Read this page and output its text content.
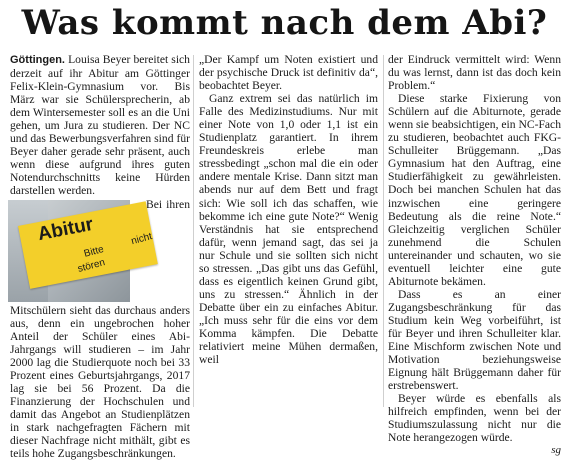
Was kommt nach dem Abi?

Göttingen. Louisa Beyer bereitet sich derzeit auf ihr Abitur am Göttinger Felix-Klein-Gymnasium vor. Bis März war sie Schülersprecherin, ab dem Wintersemester soll es an die Uni gehen, um Jura zu studieren. Der NC und das Bewerbungsverfahren sind für Beyer daher gerade sehr präsent, auch wenn diese aufgrund ihres guten Notendurchschnitts keine Hürden darstellen werden.

Abitur
Bitte nicht stören
Bei ihren Mitschülern sieht das durchaus anders aus, denn ein ungebrochen hoher Anteil der Schüler eines Abi-Jahrgangs will studieren – im Jahr 2000 lag die Studierquote noch bei 33 Prozent eines Geburtsjahrgangs, 2017 lag sie bei 56 Prozent. Da die Finanzierung der Hochschulen und damit das Angebot an Studienplätzen in stark nachgefragten Fächern mit dieser Nachfrage nicht mithält, gibt es teils hohe Zugangsbeschränkungen.

„Der Kampf um Noten existiert und der psychische Druck ist definitiv da“, beobachtet Beyer.

Ganz extrem sei das natürlich im Falle des Medizinstudiums. Nur mit einer Note von 1,0 oder 1,1 ist ein Studienplatz garantiert. In ihrem Freundeskreis erlebe man stressbedingt „schon mal die ein oder andere mentale Krise. Dann sitzt man abends nur auf dem Bett und fragt sich: Wie soll ich das schaffen, wie bekomme ich eine gute Note?“ Wenig Verständnis hat sie entsprechend dafür, wenn jemand sagt, das sei ja nur Schule und sie sollten sich nicht so stressen. „Das gibt uns das Gefühl, dass es eigentlich keinen Grund gibt, uns zu stressen.“ Ähnlich in der Debatte über ein zu einfaches Abitur. „Ich muss sehr für die eins vor dem Komma kämpfen. Die Debatte relativiert meine Mühen dermaßen, weil

der Eindruck vermittelt wird: Wenn du was lernst, dann ist das doch kein Problem.“

Diese starke Fixierung von Schülern auf die Abiturnote, gerade wenn sie beabsichtigen, ein NC-Fach zu studieren, beobachtet auch FKG-Schulleiter Brüggemann. „Das Gymnasium hat den Auftrag, eine Studierfähigkeit zu gewährleisten. Doch bei manchen Schulen hat das inzwischen eine geringere Bedeutung als die reine Note.“ Gleichzeitig verglichen Schüler zunehmend die Schulen untereinander und schauten, wo sie eventuell leichter eine gute Abiturnote bekämen.

Dass es an einer Zugangsbeschränkung für das Studium kein Weg vorbeiführt, ist für Beyer und ihren Schulleiter klar. Eine Mischform zwischen Note und Motivation beziehungsweise Eignung hält Brüggemann daher für erstrebenswert.

Beyer würde es ebenfalls als hilfreich empfinden, wenn bei der Studiumszulassung nicht nur die Note herangezogen würde.

sg
